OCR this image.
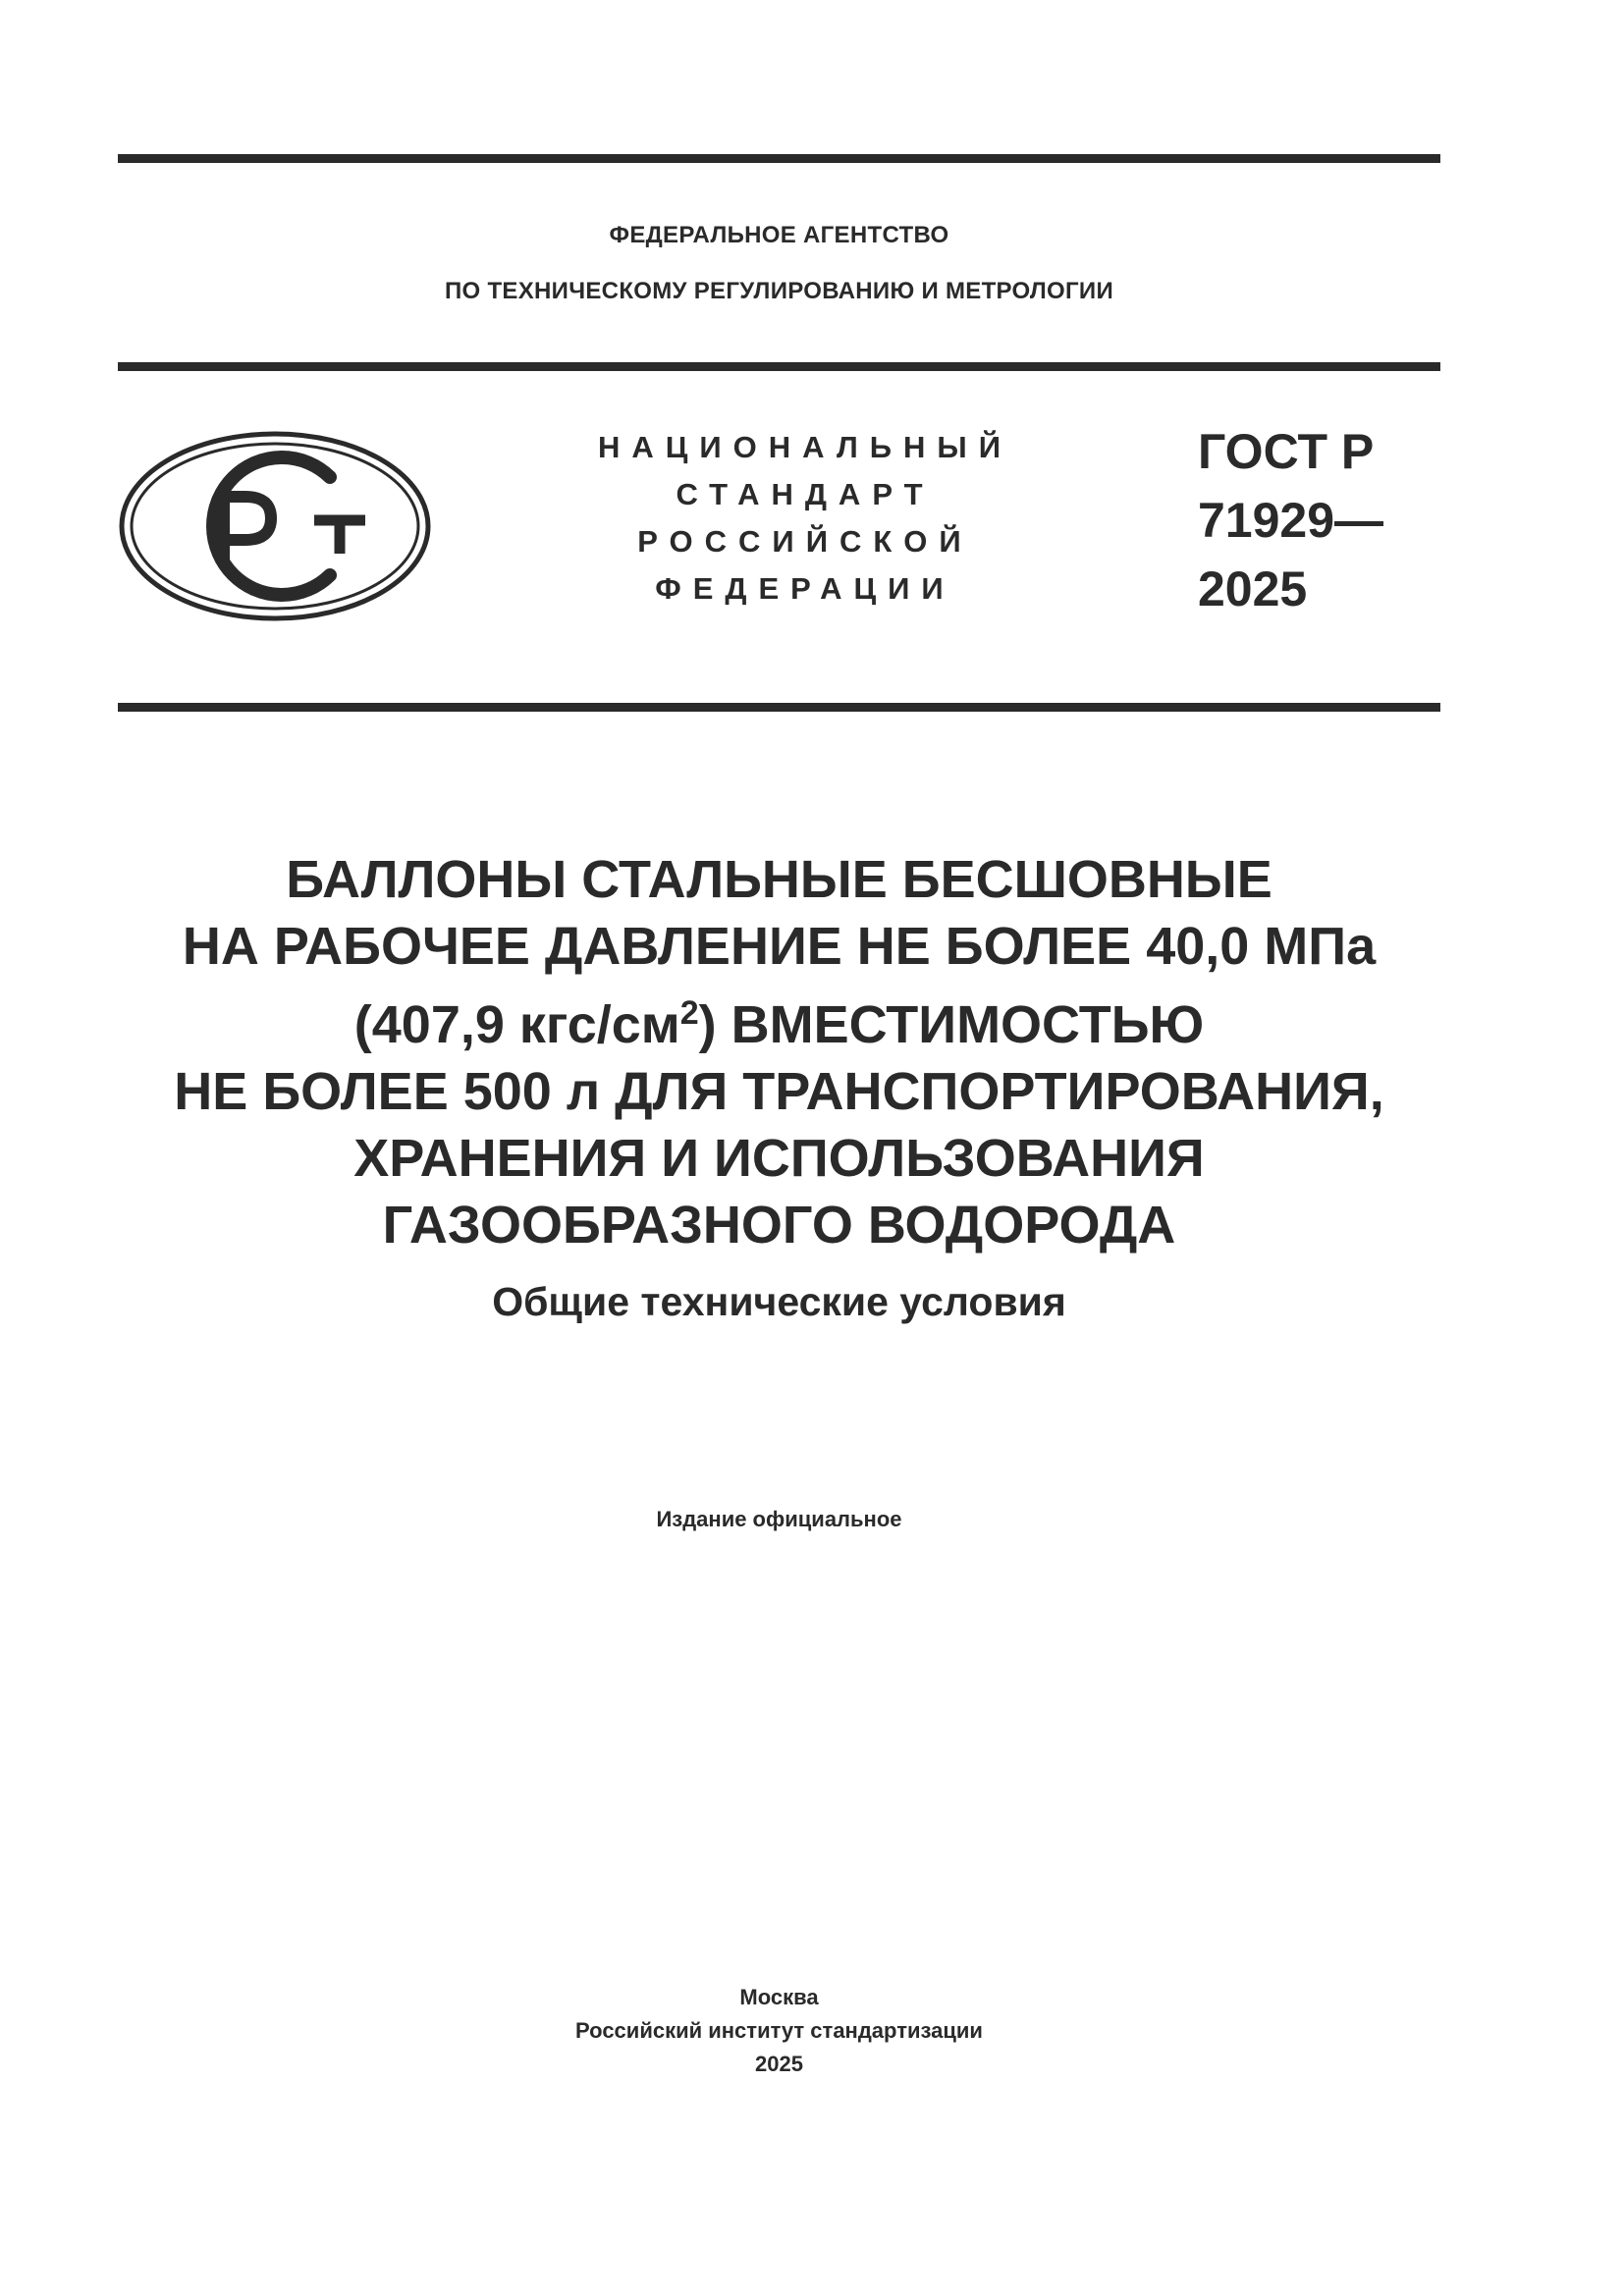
ФЕДЕРАЛЬНОЕ АГЕНТСТВО
ПО ТЕХНИЧЕСКОМУ РЕГУЛИРОВАНИЮ И МЕТРОЛОГИИ
НАЦИОНАЛЬНЫЙ
СТАНДАРТ
РОССИЙСКОЙ
ФЕДЕРАЦИИ
ГОСТ Р
71929—
2025
БАЛЛОНЫ СТАЛЬНЫЕ БЕСШОВНЫЕ
НА РАБОЧЕЕ ДАВЛЕНИЕ НЕ БОЛЕЕ 40,0 МПа
(407,9 кгс/$см^2$) ВМЕСТИМОСТЬЮ
НЕ БОЛЕЕ 500 л ДЛЯ ТРАНСПОРТИРОВАНИЯ,
ХРАНЕНИЯ И ИСПОЛЬЗОВАНИЯ
ГАЗООБРАЗНОГО ВОДОРОДА
Общие технические условия
Издание официальное
Москва
Российский институт стандартизации
2025
